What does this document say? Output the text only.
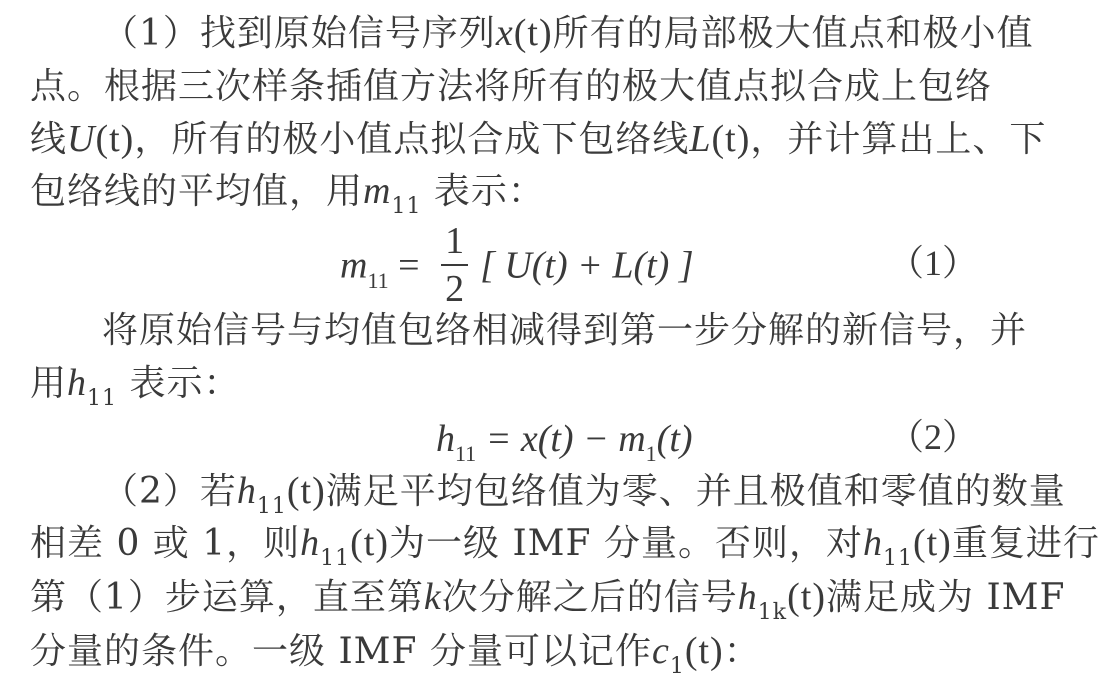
（1）找到原始信号序列x(t)所有的局部极大值点和极小值
点。根据三次样条插值方法将所有的极大值点拟合成上包络
线U(t)，所有的极小值点拟合成下包络线L(t)，并计算出上、下
包络线的平均值，用$m_{11}$ 表示：
$m_{11} = \frac{1}{2}$ [ U(t) + L(t) ]	（1）
将原始信号与均值包络相减得到第一步分解的新信号，并
用$h_{11}$ 表示：
$h_{11} = x(t) - m_1(t)$	（2）
（2）若$h_{11}(t)$满足平均包络值为零、并且极值和零值的数量
相差 0 或 1，则$h_{11}(t)$为一级 IMF 分量。否则，对$h_{11}(t)$重复进行
第（1）步运算，直至第k次分解之后的信号$h_{1k}(t)$满足成为 IMF
分量的条件。一级 IMF 分量可以记作$c_1(t)$：
